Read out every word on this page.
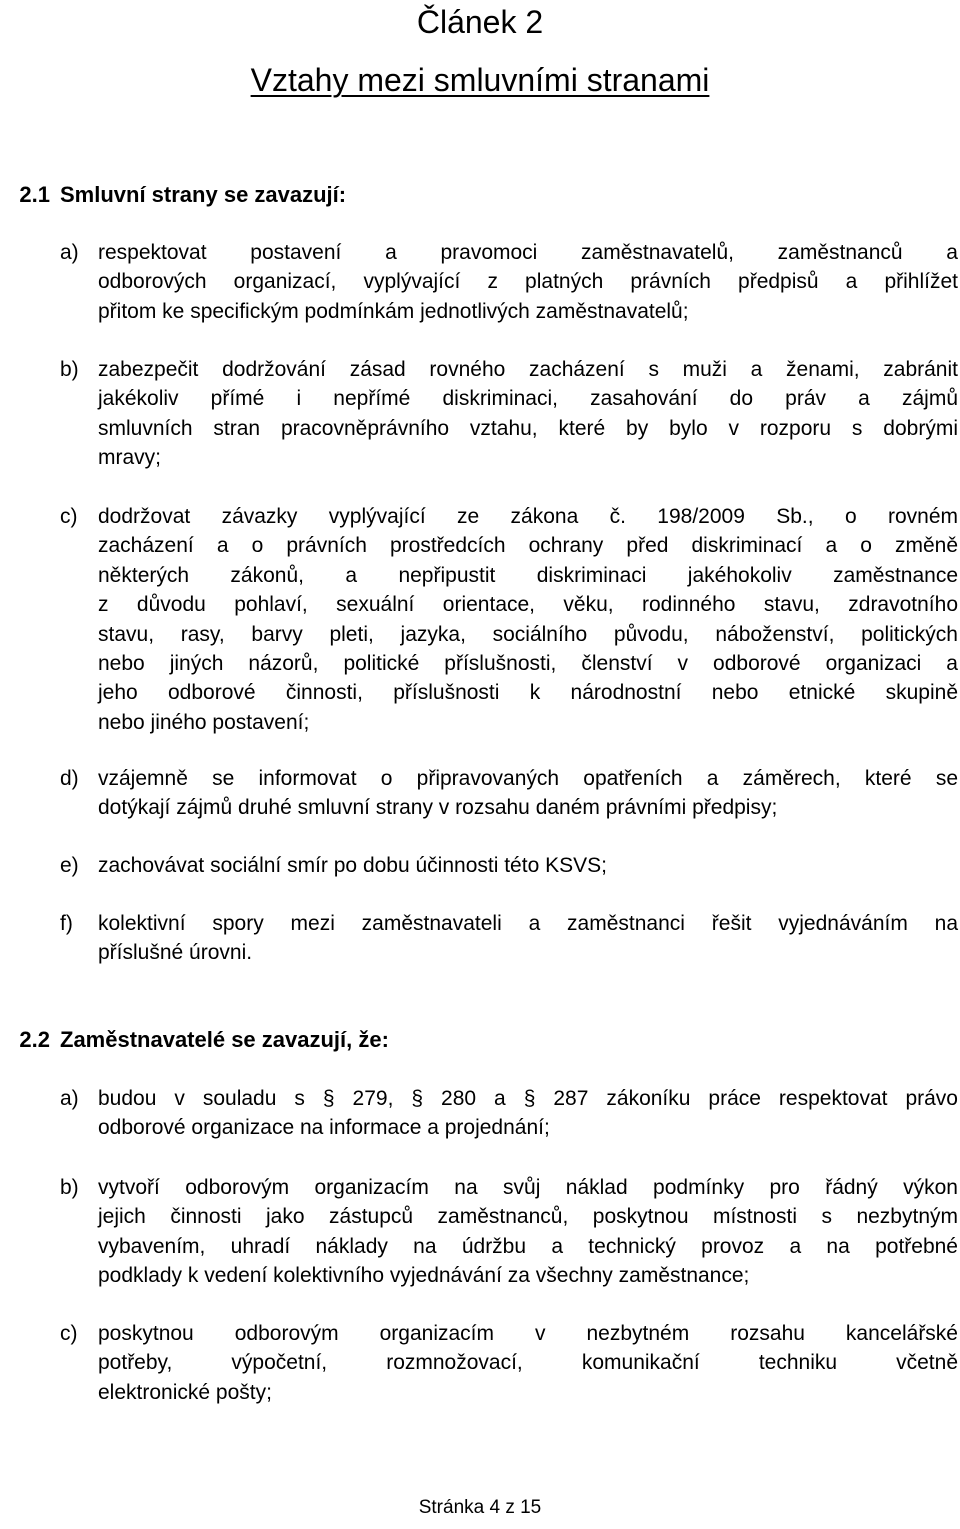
Článek 2
Vztahy mezi smluvními stranami
2.1 Smluvní strany se zavazují:
a) respektovat postavení a pravomoci zaměstnavatelů, zaměstnanců a
odborových organizací, vyplývající z platných právních předpisů a přihlížet
přitom ke specifickým podmínkám jednotlivých zaměstnavatelů;
b) zabezpečit dodržování zásad rovného zacházení s muži a ženami, zabránit
jakékoliv přímé i nepřímé diskriminaci, zasahování do práv a zájmů
smluvních stran pracovněprávního vztahu, které by bylo v rozporu s dobrými
mravy;
c) dodržovat závazky vyplývající ze zákona č. 198/2009 Sb., o rovném
zacházení a o právních prostředcích ochrany před diskriminací a o změně
některých zákonů, a nepřipustit diskriminaci jakéhokoliv zaměstnance
z důvodu pohlaví, sexuální orientace, věku, rodinného stavu, zdravotního
stavu, rasy, barvy pleti, jazyka, sociálního původu, náboženství, politických
nebo jiných názorů, politické příslušnosti, členství v odborové organizaci a
jeho odborové činnosti, příslušnosti k národnostní nebo etnické skupině
nebo jiného postavení;
d) vzájemně se informovat o připravovaných opatřeních a záměrech, které se
dotýkají zájmů druhé smluvní strany v rozsahu daném právními předpisy;
e) zachovávat sociální smír po dobu účinnosti této KSVS;
f) kolektivní spory mezi zaměstnavateli a zaměstnanci řešit vyjednáváním na
příslušné úrovni.
2.2 Zaměstnavatelé se zavazují, že:
a) budou v souladu s § 279, § 280 a § 287 zákoníku práce respektovat právo
odborové organizace na informace a projednání;
b) vytvoří odborovým organizacím na svůj náklad podmínky pro řádný výkon
jejich činnosti jako zástupců zaměstnanců, poskytnou místnosti s nezbytným
vybavením, uhradí náklady na údržbu a technický provoz a na potřebné
podklady k vedení kolektivního vyjednávání za všechny zaměstnance;
c) poskytnou odborovým organizacím v nezbytném rozsahu kancelářské
potřeby, výpočetní, rozmnožovací, komunikační techniku včetně
elektronické pošty;
Stránka 4 z 15
